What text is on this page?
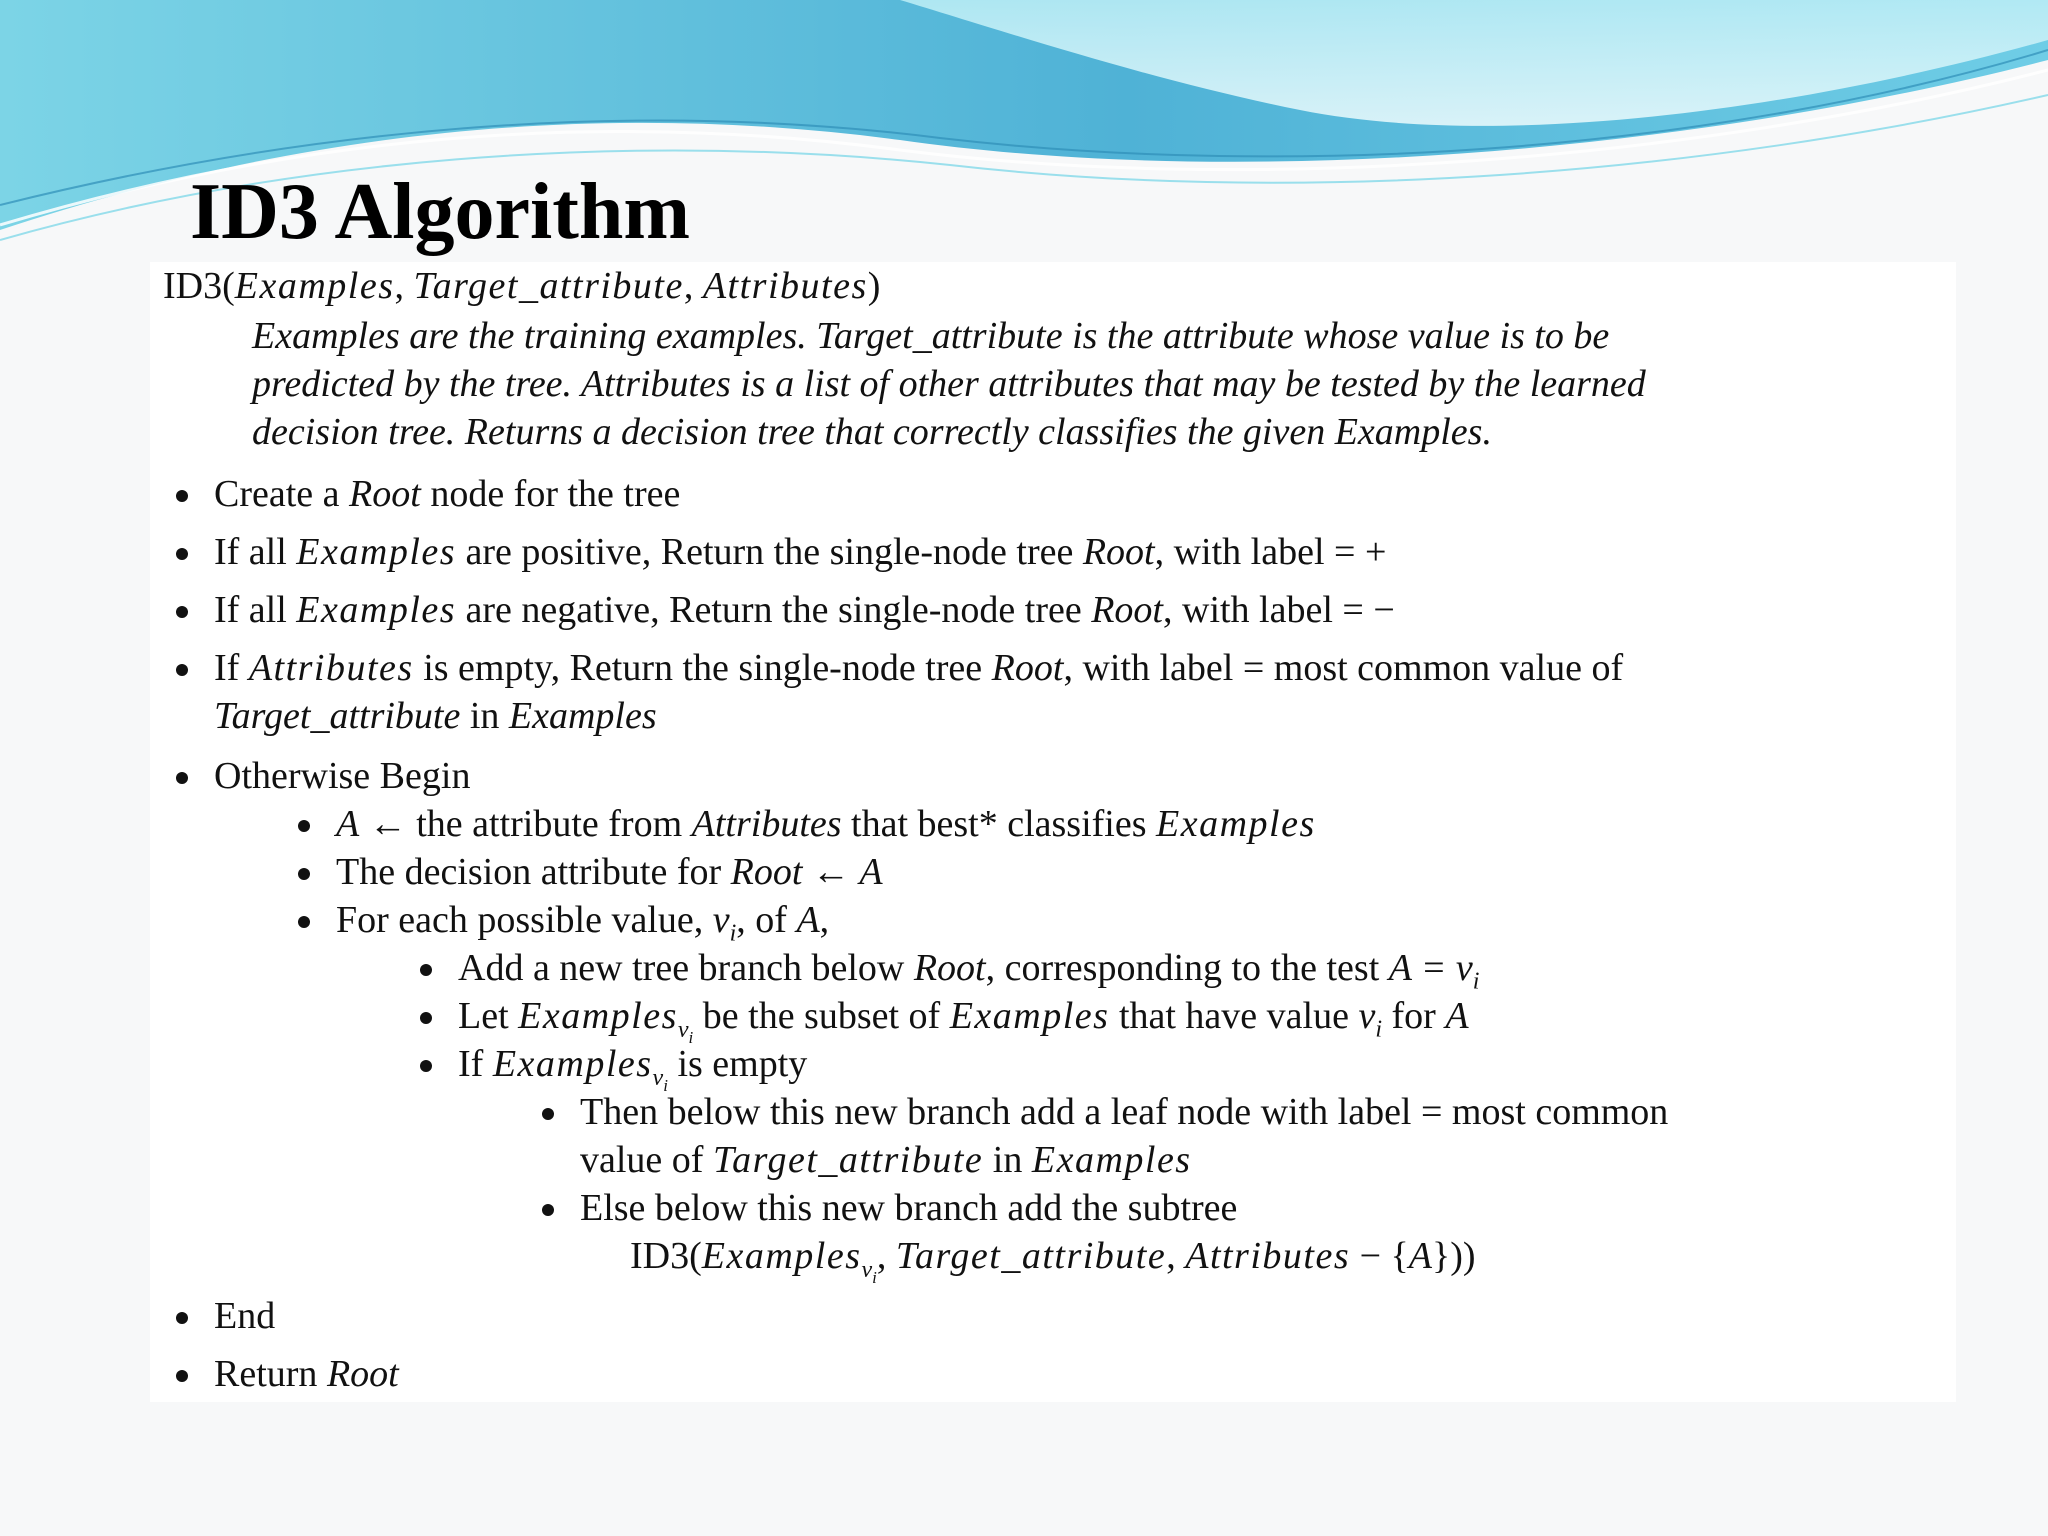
ID3 Algorithm
ID3(Examples, Target_attribute, Attributes)
Examples are the training examples. Target_attribute is the attribute whose value is to be
predicted by the tree. Attributes is a list of other attributes that may be tested by the learned
decision tree. Returns a decision tree that correctly classifies the given Examples.
Create a Root node for the tree
If all Examples are positive, Return the single-node tree Root, with label = +
If all Examples are negative, Return the single-node tree Root, with label = −
If Attributes is empty, Return the single-node tree Root, with label = most common value of
Target_attribute in Examples
Otherwise Begin
A ← the attribute from Attributes that best* classifies Examples
The decision attribute for Root ← A
For each possible value, $v_i$, of A,
Add a new tree branch below Root, corresponding to the test $A = v_i$
Let Examples$_{v_i}$ be the subset of Examples that have value $v_i$ for A
If Examples$_{v_i}$ is empty
Then below this new branch add a leaf node with label = most common
value of Target_attribute in Examples
Else below this new branch add the subtree
ID3(Examples$_{v_i}$, Target_attribute, Attributes − {A}))
End
Return Root
